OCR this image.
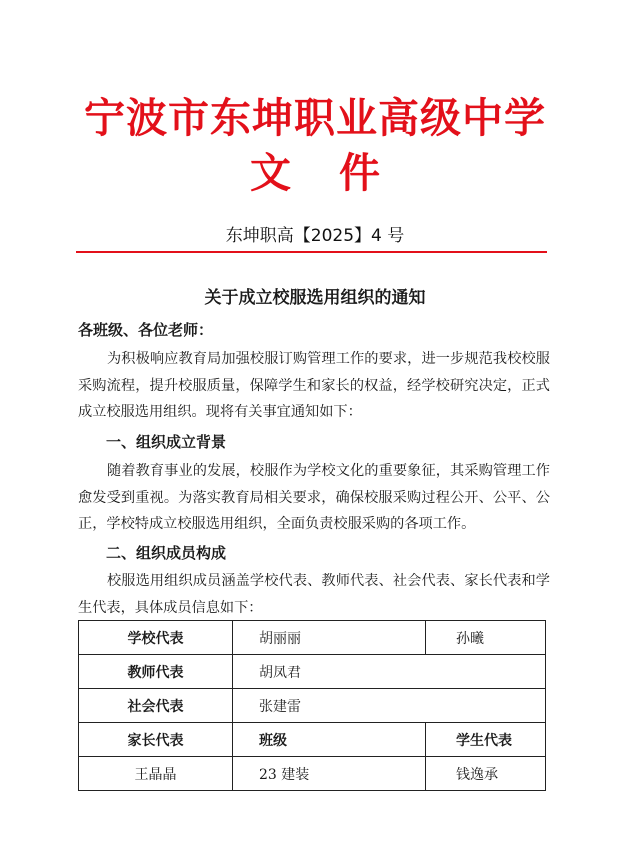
宁波市东坤职业高级中学
文件
东坤职高【2025】4 号
关于成立校服选用组织的通知
各班级、各位老师：

为积极响应教育局加强校服订购管理工作的要求，进一步规范我校校服采购流程，提升校服质量，保障学生和家长的权益，经学校研究决定，正式成立校服选用组织。现将有关事宜通知如下：

一、组织成立背景

随着教育事业的发展，校服作为学校文化的重要象征，其采购管理工作愈发受到重视。为落实教育局相关要求，确保校服采购过程公开、公平、公正，学校特成立校服选用组织，全面负责校服采购的各项工作。

二、组织成员构成

校服选用组织成员涵盖学校代表、教师代表、社会代表、家长代表和学生代表，具体成员信息如下：

学校代表	胡丽丽	孙曦
教师代表	胡凤君	
社会代表	张建雷	
家长代表	班级	学生代表
王晶晶	23 建装	钱逸承
